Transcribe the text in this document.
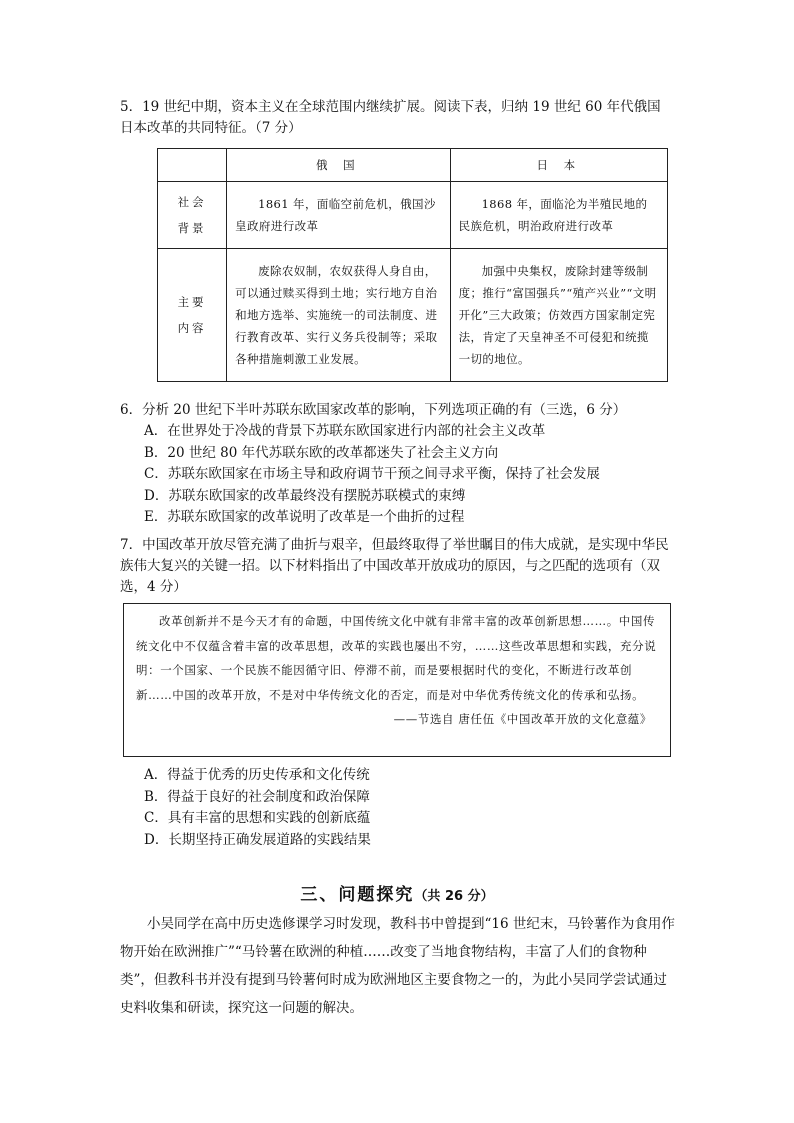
5．19 世纪中期，资本主义在全球范围内继续扩展。阅读下表，归纳 19 世纪 60 年代俄国

日本改革的共同特征。（7 分）

	俄 国	日 本

社会
背景	1861 年，面临空前危机，俄国沙皇政府进行改革	1868 年，面临沦为半殖民地的民族危机，明治政府进行改革

主要
内容	废除农奴制，农奴获得人身自由，可以通过赎买得到土地；实行地方自治和地方选举、实施统一的司法制度、进行教育改革、实行义务兵役制等；采取各种措施刺激工业发展。	加强中央集权，废除封建等级制度；推行“富国强兵”“殖产兴业”“文明开化”三大政策；仿效西方国家制定宪法，肯定了天皇神圣不可侵犯和统揽一切的地位。

6．分析 20 世纪下半叶苏联东欧国家改革的影响，下列选项正确的有（三选，6 分）

A．在世界处于冷战的背景下苏联东欧国家进行内部的社会主义改革
B．20 世纪 80 年代苏联东欧的改革都迷失了社会主义方向
C．苏联东欧国家在市场主导和政府调节干预之间寻求平衡，保持了社会发展
D．苏联东欧国家的改革最终没有摆脱苏联模式的束缚
E．苏联东欧国家的改革说明了改革是一个曲折的过程

7．中国改革开放尽管充满了曲折与艰辛，但最终取得了举世瞩目的伟大成就，是实现中华民族伟大复兴的关键一招。以下材料指出了中国改革开放成功的原因，与之匹配的选项有（双选，4 分）

改革创新并不是今天才有的命题，中国传统文化中就有非常丰富的改革创新思想……。中国传统文化中不仅蕴含着丰富的改革思想，改革的实践也屡出不穷，……这些改革思想和实践，充分说明：一个国家、一个民族不能因循守旧、停滞不前，而是要根据时代的变化，不断进行改革创新……中国的改革开放，不是对中华传统文化的否定，而是对中华优秀传统文化的传承和弘扬。
——节选自 唐任伍《中国改革开放的文化意蕴》
A．得益于优秀的历史传承和文化传统
B．得益于良好的社会制度和政治保障
C．具有丰富的思想和实践的创新底蕴
D．长期坚持正确发展道路的实践结果
三、问题探究（共 26 分）
小吴同学在高中历史选修课学习时发现，教科书中曾提到“16 世纪末，马铃薯作为食用作物开始在欧洲推广”“马铃薯在欧洲的种植……改变了当地食物结构，丰富了人们的食物种类”，但教科书并没有提到马铃薯何时成为欧洲地区主要食物之一的，为此小吴同学尝试通过史料收集和研读，探究这一问题的解决。
